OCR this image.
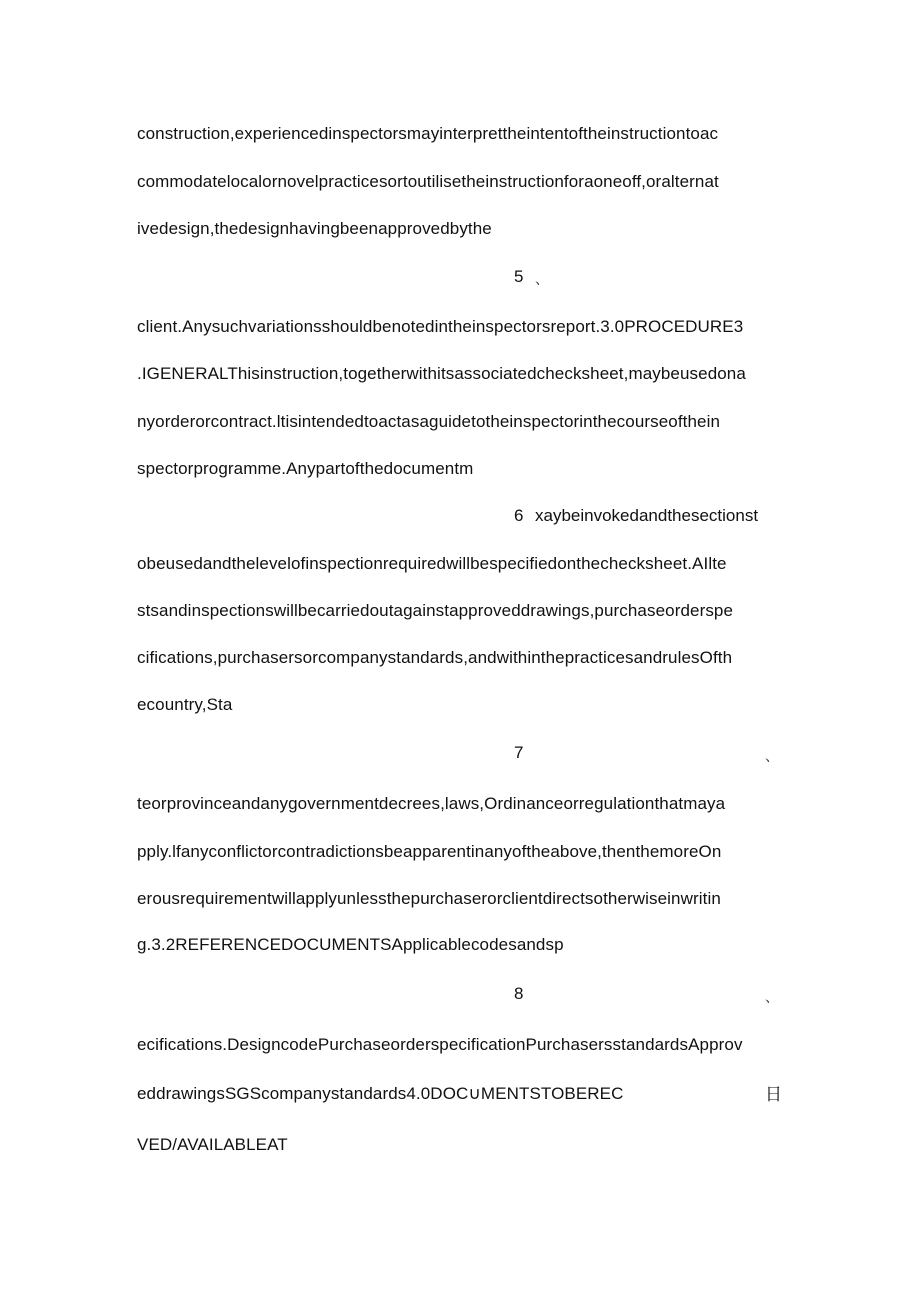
construction,experiencedinspectorsmayinterprettheintentoftheinstructiontoac
commodatelocalornovelpracticesortoutilisetheinstructionforaoneoff,oralternat
ivedesign,thedesignhavingbeenapprovedbythe
5 、
client.Anysuchvariationsshouldbenotedintheinspectorsreport.3.0PROCEDURE3
.IGENERALThisinstruction,togetherwithitsassociatedchecksheet,maybeusedona
nyorderorcontract.ltisintendedtoactasaguidetotheinspectorinthecourseofthein
spectorprogramme.Anypartofthedocumentm
6 xaybeinvokedandthesectionst
obeusedandthelevelofinspectionrequiredwillbespecifiedonthechecksheet.AIlte
stsandinspectionswillbecarriedoutagainstapproveddrawings,purchaseorderspe
cifications,purchasersorcompanystandards,andwithinthepracticesandrulesOfth
ecountry,Sta
7	、
teorprovinceandanygovernmentdecrees,laws,Ordinanceorregulationthatmaya
pply.lfanyconflictorcontradictionsbeapparentinanyoftheabove,thenthemoreOn
erousrequirementwillapplyunlessthepurchaserorclientdirectsotherwiseinwritin
g.3.2REFERENCEDOCUMENTSApplicablecodesandsp
8	、
ecifications.DesigncodePurchaseorderspecificationPurchasersstandardsApprov
eddrawingsSGScompanystandards4.0DOC∪MENTSTOBEREC	日
VED/AVAILABLEAT
